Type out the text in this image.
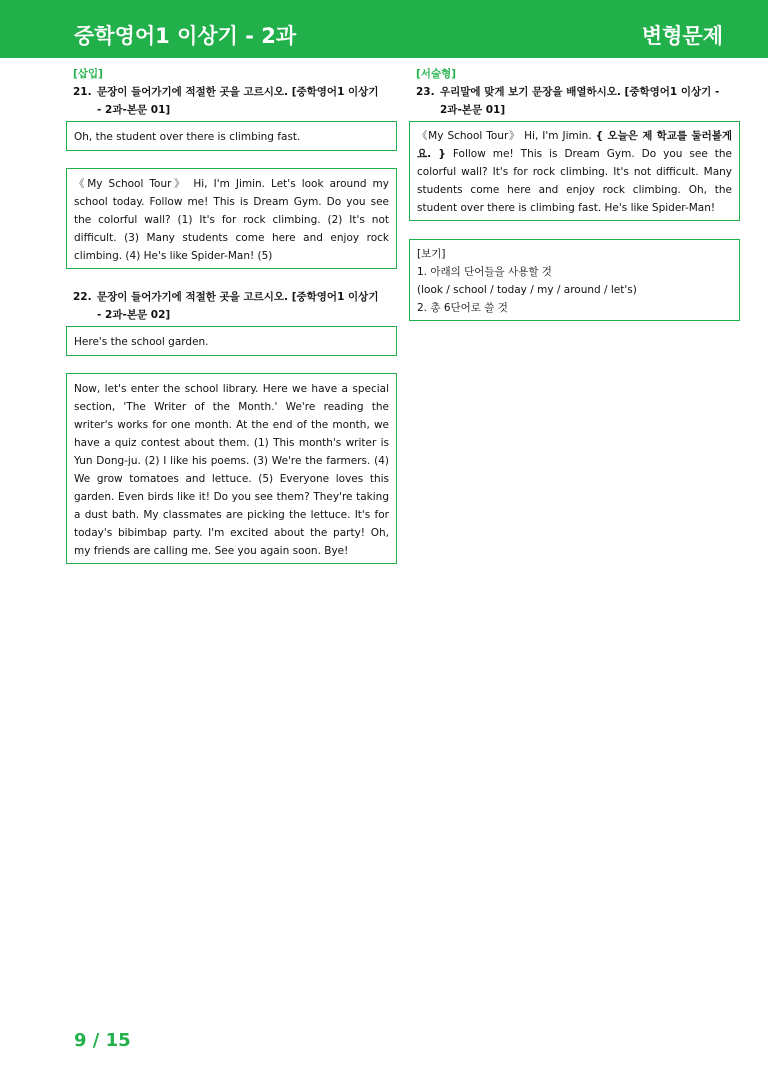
중학영어1 이상기 - 2과	변형문제
[삽입]
21. 문장이 들어가기에 적절한 곳을 고르시오. [중학영어1 이상기
- 2과-본문 01]
Oh, the student over there is climbing fast.
《My School Tour》 Hi, I'm Jimin. Let's look around my school today. Follow me! This is Dream Gym. Do you see the colorful wall? (1) It's for rock climbing. (2) It's not difficult. (3) Many students come here and enjoy rock climbing. (4) He's like Spider-Man! (5)
22. 문장이 들어가기에 적절한 곳을 고르시오. [중학영어1 이상기
- 2과-본문 02]
Here's the school garden.
Now, let's enter the school library. Here we have a special section, 'The Writer of the Month.' We're reading the writer's works for one month. At the end of the month, we have a quiz contest about them. (1) This month's writer is Yun Dong-ju. (2) I like his poems. (3) We're the farmers. (4) We grow tomatoes and lettuce. (5) Everyone loves this garden. Even birds like it! Do you see them? They're taking a dust bath. My classmates are picking the lettuce. It's for today's bibimbap party. I'm excited about the party! Oh, my friends are calling me. See you again soon. Bye!
[서술형]
23. 우리말에 맞게 보기 문장을 배열하시오. [중학영어1 이상기 -
2과-본문 01]
《My School Tour》 Hi, I'm Jimin. { 오늘은 제 학교를 둘러볼게요. } Follow me! This is Dream Gym. Do you see the colorful wall? It's for rock climbing. It's not difficult. Many students come here and enjoy rock climbing. Oh, the student over there is climbing fast. He's like Spider-Man!
[보기]
1. 아래의 단어들을 사용할 것
(look / school / today / my / around / let's)
2. 총 6단어로 쓸 것
9 / 15
